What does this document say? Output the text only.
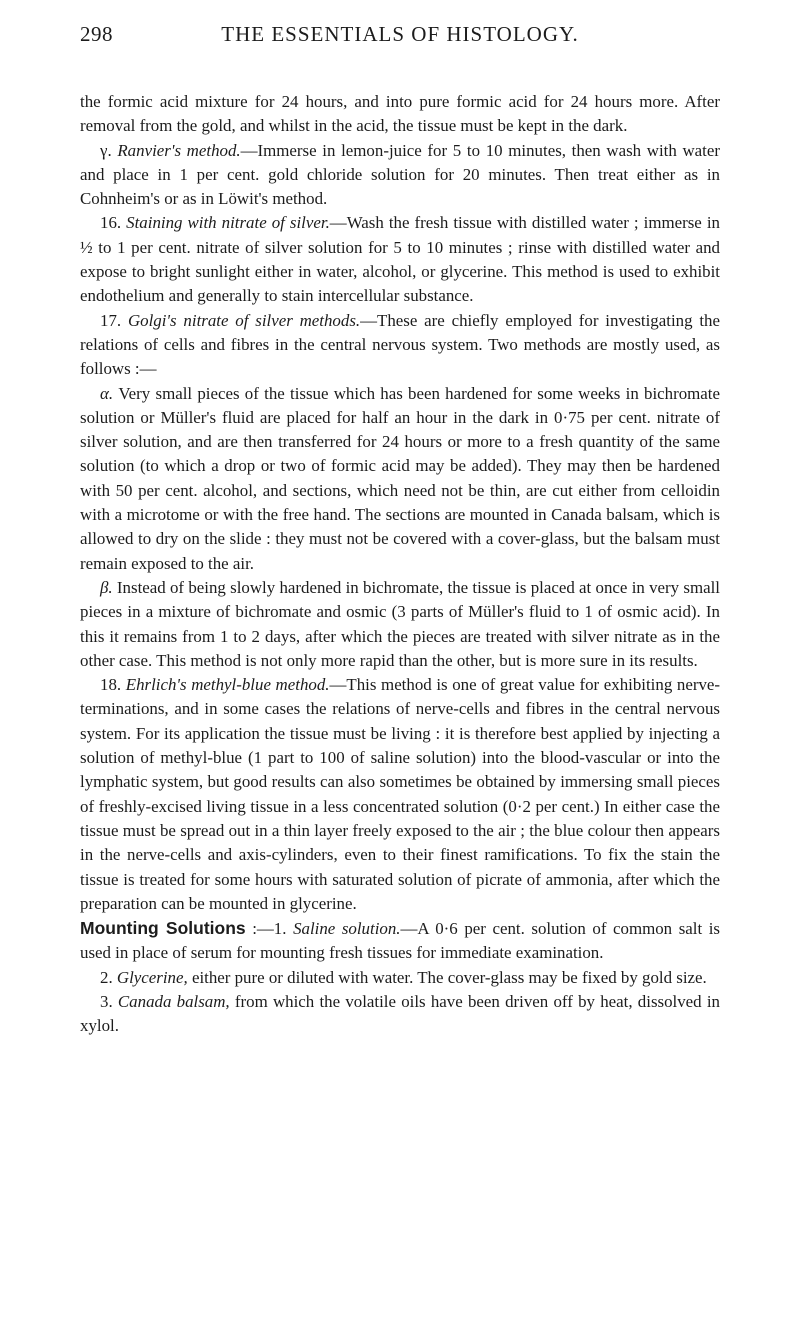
298	THE ESSENTIALS OF HISTOLOGY.

the formic acid mixture for 24 hours, and into pure formic acid for 24 hours more. After removal from the gold, and whilst in the acid, the tissue must be kept in the dark.

γ. Ranvier's method.—Immerse in lemon-juice for 5 to 10 minutes, then wash with water and place in 1 per cent. gold chloride solution for 20 minutes. Then treat either as in Cohnheim's or as in Löwit's method.

16. Staining with nitrate of silver.—Wash the fresh tissue with distilled water ; immerse in ½ to 1 per cent. nitrate of silver solution for 5 to 10 minutes ; rinse with distilled water and expose to bright sunlight either in water, alcohol, or glycerine. This method is used to exhibit endothelium and generally to stain intercellular substance.

17. Golgi's nitrate of silver methods.—These are chiefly employed for investigating the relations of cells and fibres in the central nervous system. Two methods are mostly used, as follows :—

α. Very small pieces of the tissue which has been hardened for some weeks in bichromate solution or Müller's fluid are placed for half an hour in the dark in 0·75 per cent. nitrate of silver solution, and are then transferred for 24 hours or more to a fresh quantity of the same solution (to which a drop or two of formic acid may be added). They may then be hardened with 50 per cent. alcohol, and sections, which need not be thin, are cut either from celloidin with a microtome or with the free hand. The sections are mounted in Canada balsam, which is allowed to dry on the slide : they must not be covered with a cover-glass, but the balsam must remain exposed to the air.

β. Instead of being slowly hardened in bichromate, the tissue is placed at once in very small pieces in a mixture of bichromate and osmic (3 parts of Müller's fluid to 1 of osmic acid). In this it remains from 1 to 2 days, after which the pieces are treated with silver nitrate as in the other case. This method is not only more rapid than the other, but is more sure in its results.

18. Ehrlich's methyl-blue method.—This method is one of great value for exhibiting nerve-terminations, and in some cases the relations of nerve-cells and fibres in the central nervous system. For its application the tissue must be living : it is therefore best applied by injecting a solution of methyl-blue (1 part to 100 of saline solution) into the blood-vascular or into the lymphatic system, but good results can also sometimes be obtained by immersing small pieces of freshly-excised living tissue in a less concentrated solution (0·2 per cent.) In either case the tissue must be spread out in a thin layer freely exposed to the air ; the blue colour then appears in the nerve-cells and axis-cylinders, even to their finest ramifications. To fix the stain the tissue is treated for some hours with saturated solution of picrate of ammonia, after which the preparation can be mounted in glycerine.

Mounting Solutions :—1. Saline solution.—A 0·6 per cent. solution of common salt is used in place of serum for mounting fresh tissues for immediate examination.

2. Glycerine, either pure or diluted with water. The cover-glass may be fixed by gold size.

3. Canada balsam, from which the volatile oils have been driven off by heat, dissolved in xylol.
